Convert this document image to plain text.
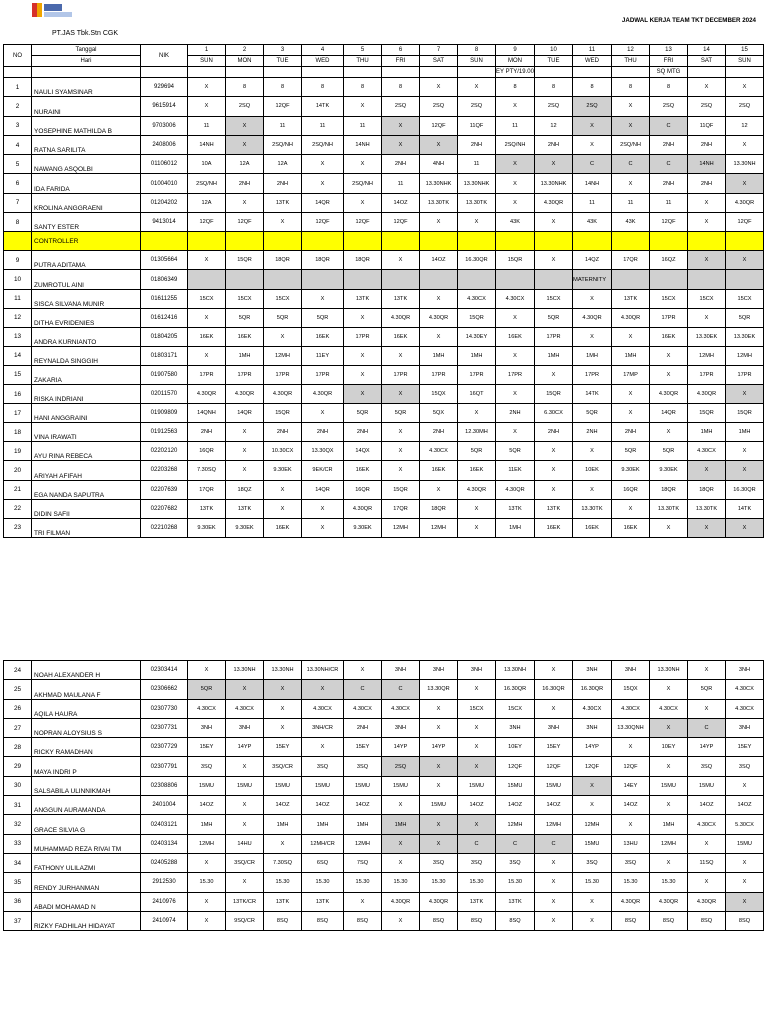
PT.JAS Tbk.Stn CGK
JADWAL KERJA TEAM TKT DECEMBER 2024
NO	Tanggal	NIK	1	2	3	4	5	6	7	8	9	10	11	12	13	14	15
	Hari		SUN	MON	TUE	WED	THU	FRI	SAT	SUN	MON	TUE	WED	THU	FRI	SAT	SUN
											EY PTY/19.00				SQ MTG		
1	NAULI SYAMSINAR	929694	X	8	8	8	8	8	X	X	8	8	8	8	8	X	X
2	NURAINI	9615914	X	2SQ	12QF	14TK	X	2SQ	2SQ	2SQ	X	2SQ	2SQ	X	2SQ	2SQ	2SQ
3	YOSEPHINE MATHILDA B	9703006	11	X	11	11	11	X	12QF	11QF	11	12	X	X	C	11QF	12
4	RATNA SARILITA	2408006	14NH	X	2SQ/NH	2SQ/NH	14NH	X	X	2NH	2SQ/NH	2NH	X	2SQ/NH	2NH	2NH	X
5	NAWANG ASQOLBI	01106012	10A	12A	12A	X	X	2NH	4NH	11	X	X	C	C	C	14NH	13.30NH
6	IDA FARIDA	01004010	2SQ/NH	2NH	2NH	X	2SQ/NH	11	13.30NHK	13.30NHK	X	13.30NHK	14NH	X	2NH	2NH	X
7	KROLINA ANGGRAENI	01204202	12A	X	13TK	14QR	X	14OZ	13.30TK	13.30TK	X	4.30QR	11	11	11	X	4.30QR
8	SANTY ESTER	9413014	12QF	12QF	X	12QF	12QF	12QF	X	X	43K	X	43K	43K	12QF	X	12QF
	CONTROLLER																
9	PUTRA ADITAMA	01305664	X	15QR	18QR	18QR	18QR	X	14OZ	16.30QR	15QR	X	14QZ	17QR	16QZ	X	X
10	ZUMROTUL AINI	01806349											MATERNITY				
11	SISCA SILVANA MUNIR	01611255	15CX	15CX	15CX	X	13TK	13TK	X	4.30CX	4.30CX	15CX	X	13TK	15CX	15CX	15CX
12	DITHA EVRIDENIES	01612416	X	5QR	5QR	5QR	X	4.30QR	4.30QR	15QR	X	5QR	4.30QR	4.30QR	17PR	X	5QR
13	ANDRA KURNIANTO	01804205	16EK	16EK	X	16EK	17PR	16EK	X	14.30EY	16EK	17PR	X	X	16EK	13.30EK	13.30EK
14	REYNALDA SINGGIH	01803171	X	1MH	12MH	11EY	X	X	1MH	1MH	X	1MH	1MH	1MH	X	12MH	12MH
15	ZAKARIA	01907580	17PR	17PR	17PR	17PR	X	17PR	17PR	17PR	17PR	X	17PR	17MP	X	17PR	17PR
16	RISKA INDRIANI	02011570	4.30QR	4.30QR	4.30QR	4.30QR	X	X	15QX	16QT	X	15QR	14TK	X	4.30QR	4.30QR	X
17	HANI ANGGRAINI	01909809	14QNH	14QR	15QR	X	5QR	5QR	5QX	X	2NH	6.30CX	5QR	X	14QR	15QR	15QR
18	VINA IRAWATI	01912563	2NH	X	2NH	2NH	2NH	X	2NH	12.30MH	X	2NH	2NH	2NH	X	1MH	1MH
19	AYU RINA REBECA	02202120	16QR	X	10.30CX	13.30QX	14QX	X	4.30CX	5QR	5QR	X	X	5QR	5QR	4.30CX	X
20	ARIYAH AFIFAH	02203268	7.30SQ	X	9.30EK	9EK/CR	16EK	X	16EK	16EK	11EK	X	10EK	9.30EK	9.30EK	X	X
21	EGA NANDA SAPUTRA	02207639	17QR	18QZ	X	14QR	16QR	15QR	X	4.30QR	4.30QR	X	X	16QR	18QR	18QR	16.30QR
22	DIDIN SAFII	02207682	13TK	13TK	X	X	4.30QR	17QR	18QR	X	13TK	13TK	13.30TK	X	13.30TK	13.30TK	14TK
23	TRI FILMAN	02210268	9.30EK	9.30EK	16EK	X	9.30EK	12MH	12MH	X	1MH	16EK	16EK	16EK	X	X	X
24	NOAH ALEXANDER H	02303414	X	13.30NH	13.30NH	13.30NH/CR	X	3NH	3NH	3NH	13.30NH	X	3NH	3NH	13.30NH	X	3NH
25	AKHMAD MAULANA F	02306662	5QR	X	X	X	C	C	13.30QR	X	16.30QR	16.30QR	16.30QR	15QX	X	5QR	4.30CX
26	AQILA HAURA	02307730	4.30CX	4.30CX	X	4.30CX	4.30CX	4.30CX	X	15CX	15CX	X	4.30CX	4.30CX	4.30CX	X	4.30CX
27	NOPRAN ALOYSIUS S	02307731	3NH	3NH	X	3NH/CR	2NH	3NH	X	X	3NH	3NH	3NH	13.30QNH	X	C	3NH
28	RICKY RAMADHAN	02307729	15EY	14YP	15EY	X	15EY	14YP	14YP	X	10EY	15EY	14YP	X	10EY	14YP	15EY
29	MAYA INDRI P	02307791	3SQ	X	3SQ/CR	3SQ	3SQ	2SQ	X	X	12QF	12QF	12QF	12QF	X	3SQ	3SQ
30	SALSABILA ULINNIKMAH	02308806	15MU	15MU	15MU	15MU	15MU	15MU	X	15MU	15MU	15MU	X	14EY	15MU	15MU	X
31	ANGGUN AURAMANDA	2401004	14OZ	X	14OZ	14OZ	14OZ	X	15MU	14OZ	14OZ	14OZ	X	14OZ	X	14OZ	14OZ
32	GRACE SILVIA G	02403121	1MH	X	1MH	1MH	1MH	1MH	X	X	12MH	12MH	12MH	X	1MH	4.30CX	5.30CX
33	MUHAMMAD REZA RIVAI TM	02403134	12MH	14HU	X	12MH/CR	12MH	X	X	C	C	C	15MU	13HU	12MH	X	15MU
34	FATHONY ULILAZMI	02405288	X	3SQ/CR	7.30SQ	6SQ	7SQ	X	3SQ	3SQ	3SQ	X	3SQ	3SQ	X	11SQ	X
35	RENDY JURHANMAN	2912530	15.30	X	15.30	15.30	15.30	15.30	15.30	15.30	15.30	X	15.30	15.30	15.30	X	X
36	ABADI MOHAMAD N	2410976	X	13TK/CR	13TK	13TK	X	4.30QR	4.30QR	13TK	13TK	X	X	4.30QR	4.30QR	4.30QR	X
37	RIZKY FADHILAH HIDAYAT	2410974	X	9SQ/CR	8SQ	8SQ	8SQ	X	8SQ	8SQ	8SQ	X	X	8SQ	8SQ	8SQ	8SQ
